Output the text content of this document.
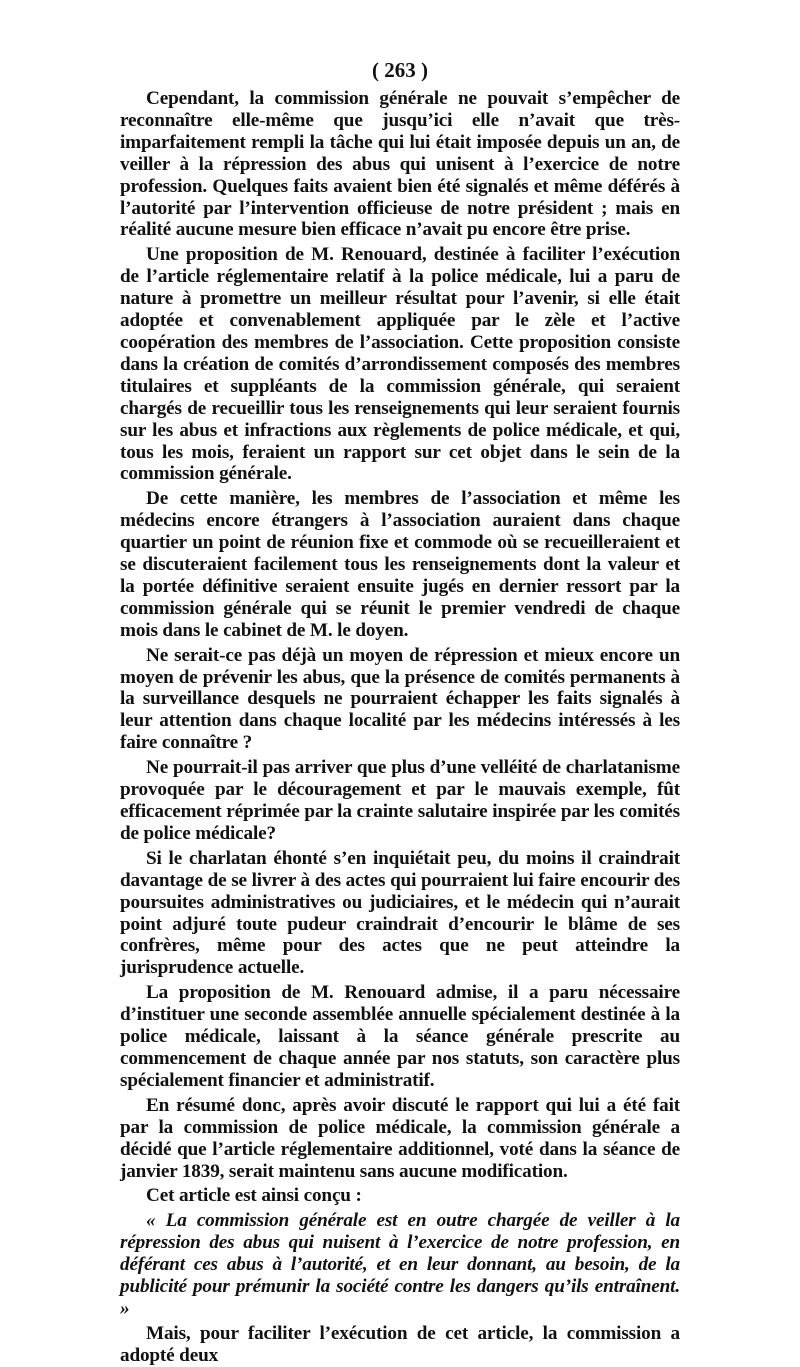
( 263 )

Cependant, la commission générale ne pouvait s’empêcher de reconnaître elle-même que jusqu’ici elle n’avait que très-imparfaitement rempli la tâche qui lui était imposée depuis un an, de veiller à la répression des abus qui unisent à l’exercice de notre profession. Quelques faits avaient bien été signalés et même déférés à l’autorité par l’intervention officieuse de notre président ; mais en réalité aucune mesure bien efficace n’avait pu encore être prise.

Une proposition de M. Renouard, destinée à faciliter l’exécution de l’article réglementaire relatif à la police médicale, lui a paru de nature à promettre un meilleur résultat pour l’avenir, si elle était adoptée et convenablement appliquée par le zèle et l’active coopération des membres de l’association. Cette proposition consiste dans la création de comités d’arrondissement composés des membres titulaires et suppléants de la commission générale, qui seraient chargés de recueillir tous les renseignements qui leur seraient fournis sur les abus et infractions aux règlements de police médicale, et qui, tous les mois, feraient un rapport sur cet objet dans le sein de la commission générale.

De cette manière, les membres de l’association et même les médecins encore étrangers à l’association auraient dans chaque quartier un point de réunion fixe et commode où se recueilleraient et se discuteraient facilement tous les renseignements dont la valeur et la portée définitive seraient ensuite jugés en dernier ressort par la commission générale qui se réunit le premier vendredi de chaque mois dans le cabinet de M. le doyen.

Ne serait-ce pas déjà un moyen de répression et mieux encore un moyen de prévenir les abus, que la présence de comités permanents à la surveillance desquels ne pourraient échapper les faits signalés à leur attention dans chaque localité par les médecins intéressés à les faire connaître ?

Ne pourrait-il pas arriver que plus d’une velléité de charlatanisme provoquée par le découragement et par le mauvais exemple, fût efficacement réprimée par la crainte salutaire inspirée par les comités de police médicale?

Si le charlatan éhonté s’en inquiétait peu, du moins il craindrait davantage de se livrer à des actes qui pourraient lui faire encourir des poursuites administratives ou judiciaires, et le médecin qui n’aurait point adjuré toute pudeur craindrait d’encourir le blâme de ses confrères, même pour des actes que ne peut atteindre la jurisprudence actuelle.

La proposition de M. Renouard admise, il a paru nécessaire d’instituer une seconde assemblée annuelle spécialement destinée à la police médicale, laissant à la séance générale prescrite au commencement de chaque année par nos statuts, son caractère plus spécialement financier et administratif.

En résumé donc, après avoir discuté le rapport qui lui a été fait par la commission de police médicale, la commission générale a décidé que l’article réglementaire additionnel, voté dans la séance de janvier 1839, serait maintenu sans aucune modification.

Cet article est ainsi conçu :

« La commission générale est en outre chargée de veiller à la répression des abus qui nuisent à l’exercice de notre profession, en déférant ces abus à l’autorité, et en leur donnant, au besoin, de la publicité pour prémunir la société contre les dangers qu’ils entraînent. »

Mais, pour faciliter l’exécution de cet article, la commission a adopté deux
